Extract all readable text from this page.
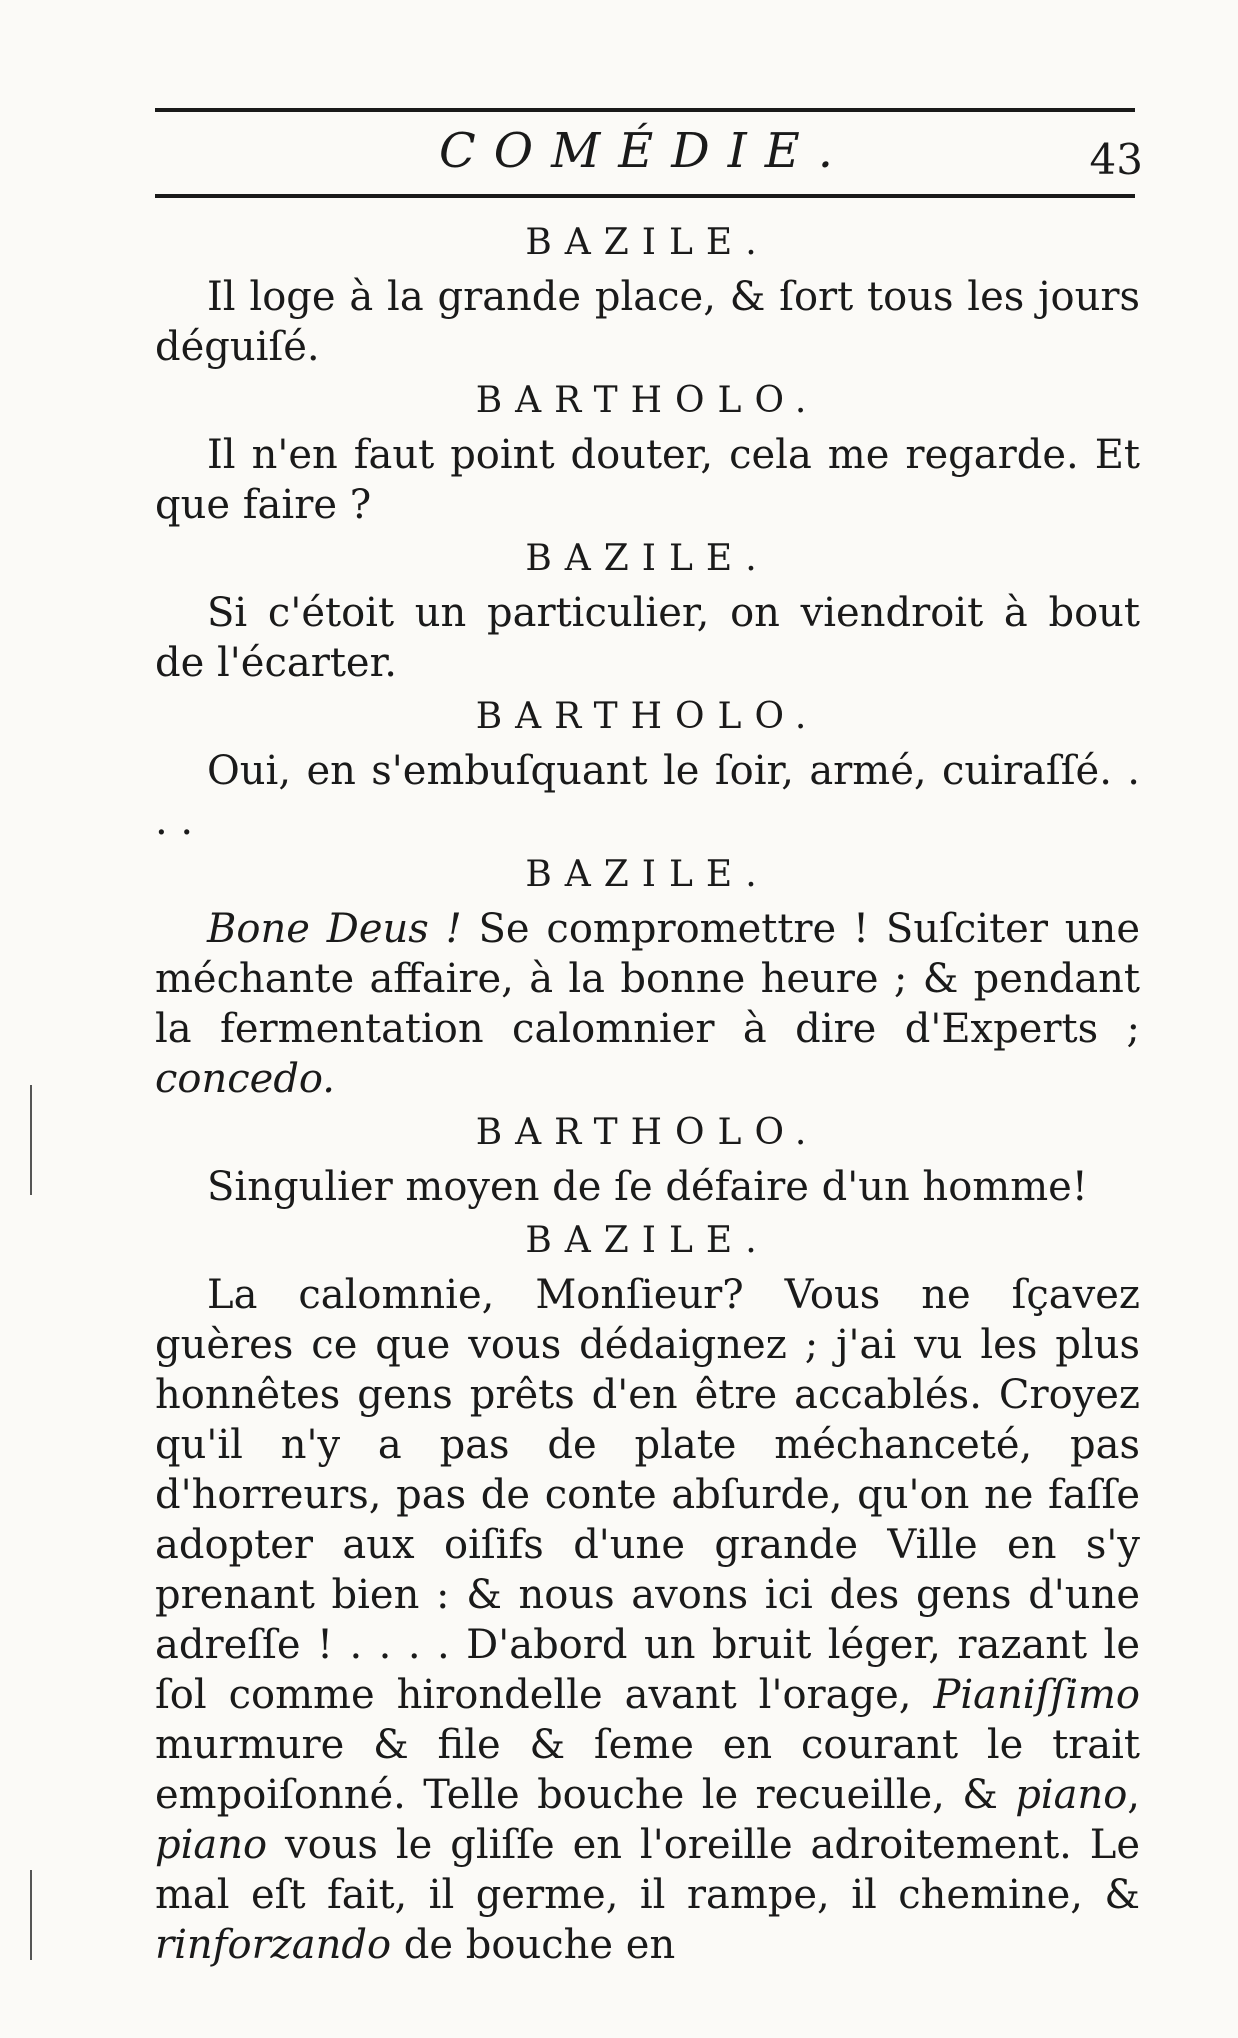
COMÉDIE.	43
BAZILE.

Il loge à la grande place, & ſort tous les jours déguiſé.

BARTHOLO.

Il n'en faut point douter, cela me regarde. Et que faire ?

BAZILE.

Si c'étoit un particulier, on viendroit à bout de l'écarter.

BARTHOLO.

Oui, en s'embuſquant le ſoir, armé, cuiraſſé. . . .

BAZILE.

Bone Deus ! Se compromettre ! Suſciter une méchante affaire, à la bonne heure ; & pendant la fermentation calomnier à dire d'Experts ; concedo.

BARTHOLO.

Singulier moyen de ſe défaire d'un homme!

BAZILE.

La calomnie, Monſieur? Vous ne ſçavez guères ce que vous dédaignez ; j'ai vu les plus honnêtes gens prêts d'en être accablés. Croyez qu'il n'y a pas de plate méchanceté, pas d'horreurs, pas de conte abſurde, qu'on ne faſſe adopter aux oiſifs d'une grande Ville en s'y prenant bien : & nous avons ici des gens d'une adreſſe ! . . . . D'abord un bruit léger, razant le ſol comme hirondelle avant l'orage, Pianiſſimo murmure & file & ſeme en courant le trait empoiſonné. Telle bouche le recueille, & piano, piano vous le gliſſe en l'oreille adroitement. Le mal eſt fait, il germe, il rampe, il chemine, & rinforzando de bouche en
